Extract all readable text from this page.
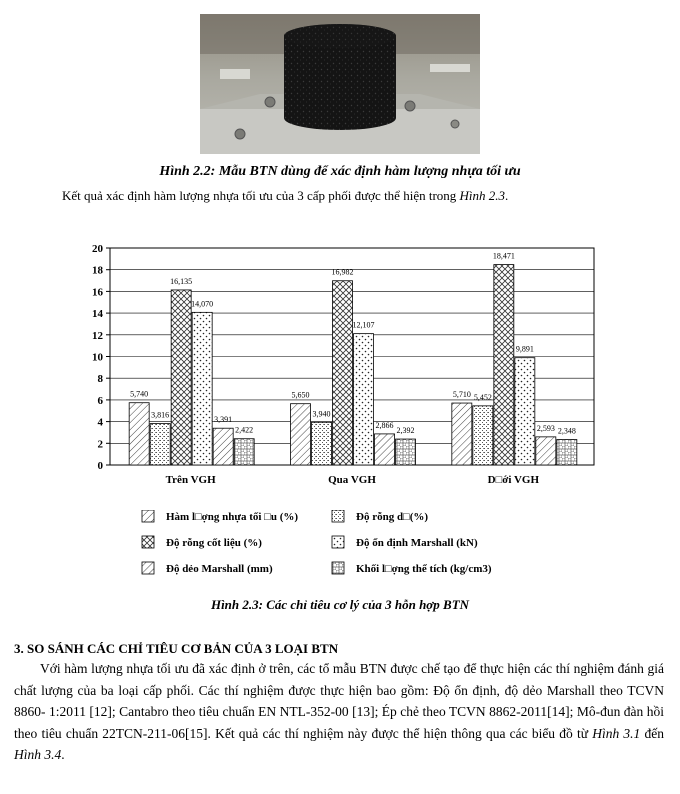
Hình 2.2: Mẫu BTN dùng để xác định hàm lượng nhựa tối ưu
Kết quả xác định hàm lượng nhựa tối ưu của 3 cấp phối được thể hiện trong Hình 2.3.
0
2
4
6
8
10
12
14
16
18
20
5,740
3,816
16,135
14,070
3,391
2,422
Trên VGH
5,650
3,940
16,982
12,107
2,866
2,392
Qua VGH
5,710 5,452
18,471
9,891
2,593 2,348
D□ới VGH
Hàm l□ợng nhựa tối □u (%)	Độ rỗng d□(%)
Độ rỗng cốt liệu (%)	Độ ổn định Marshall (kN)
Độ dẻo Marshall (mm)	Khối l□ợng thể tích (kg/cm3)
Hình 2.3: Các chỉ tiêu cơ lý của 3 hỗn hợp BTN
3. SO SÁNH CÁC CHỈ TIÊU CƠ BẢN CỦA 3 LOẠI BTN
Với hàm lượng nhựa tối ưu đã xác định ở trên, các tổ mẫu BTN được chế tạo để thực hiện các thí nghiệm đánh giá chất lượng của ba loại cấp phối. Các thí nghiệm được thực hiện bao gồm: Độ ổn định, độ dẻo Marshall theo TCVN 8860- 1:2011 [12]; Cantabro theo tiêu chuẩn EN NTL-352-00 [13]; Ép chẻ theo TCVN 8862-2011[14]; Mô-đun đàn hồi theo tiêu chuẩn 22TCN-211-06[15]. Kết quả các thí nghiệm này được thể hiện thông qua các biểu đồ từ Hình 3.1 đến Hình 3.4.
